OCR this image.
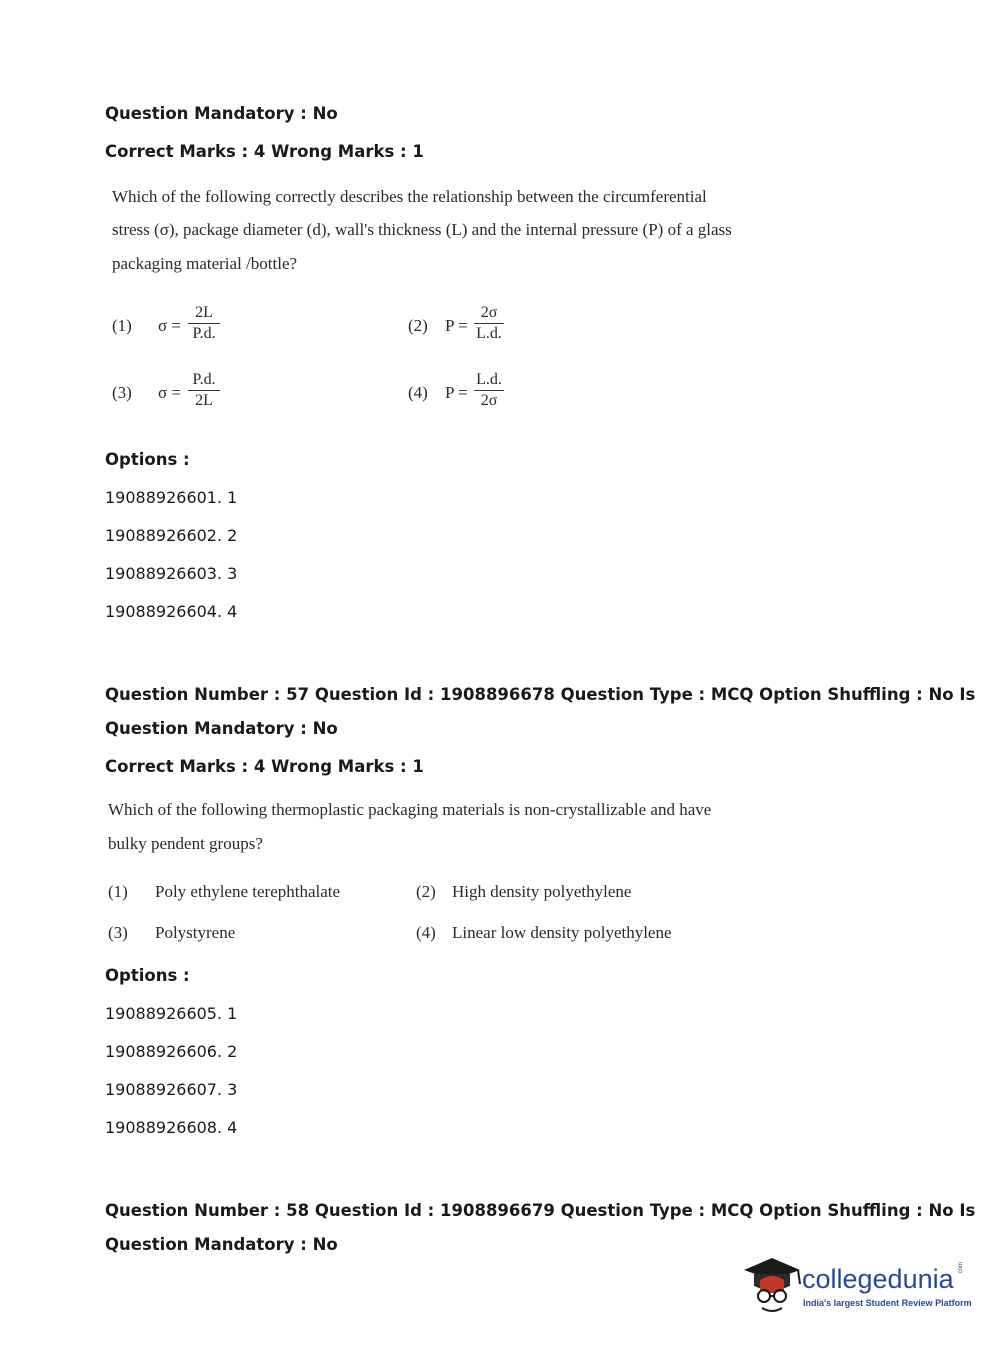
Question Mandatory : No
Correct Marks : 4 Wrong Marks : 1
Which of the following correctly describes the relationship between the circumferential
stress (σ), package diameter (d), wall's thickness (L) and the internal pressure (P) of a glass
packaging material /bottle?
(1) $\sigma = \frac{2L}{P.d.}$	(2) $P = \frac{2\sigma}{L.d.}$
(3) $\sigma = \frac{P.d.}{2L}$	(4) $P = \frac{L.d.}{2\sigma}$
Options :
19088926601. 1
19088926602. 2
19088926603. 3
19088926604. 4
Question Number : 57 Question Id : 1908896678 Question Type : MCQ Option Shuffling : No Is
Question Mandatory : No
Correct Marks : 4 Wrong Marks : 1
Which of the following thermoplastic packaging materials is non-crystallizable and have
bulky pendent groups?
(1) Poly ethylene terephthalate	(2) High density polyethylene
(3) Polystyrene	(4) Linear low density polyethylene
Options :
19088926605. 1
19088926606. 2
19088926607. 3
19088926608. 4
Question Number : 58 Question Id : 1908896679 Question Type : MCQ Option Shuffling : No Is
Question Mandatory : No
collegedunia .com
India's largest Student Review Platform
